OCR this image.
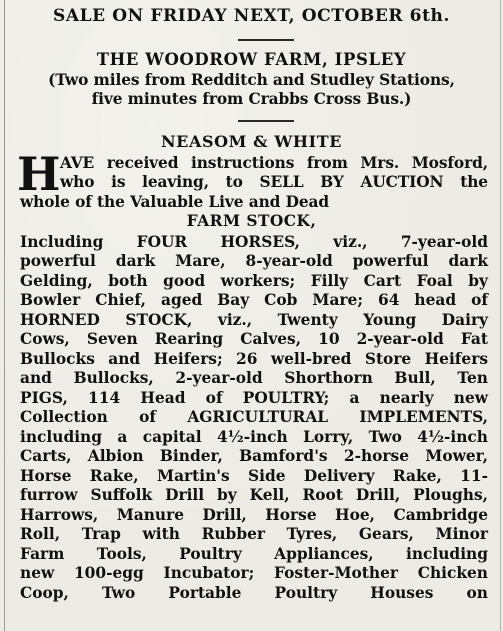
SALE ON FRIDAY NEXT, OCTOBER 6th.
THE WOODROW FARM, IPSLEY
(Two miles from Redditch and Studley Stations,
five minutes from Crabbs Cross Bus.)
NEASOM & WHITE
H AVE received instructions from Mrs. Mosford,
who is leaving, to SELL BY AUCTION the
whole of the Valuable Live and Dead
FARM STOCK,
Including FOUR HORSES, viz., 7-year-old
powerful dark Mare, 8-year-old powerful dark
Gelding, both good workers; Filly Cart Foal by
Bowler Chief, aged Bay Cob Mare; 64 head of
HORNED STOCK, viz., Twenty Young Dairy
Cows, Seven Rearing Calves, 10 2-year-old Fat
Bullocks and Heifers; 26 well-bred Store Heifers
and Bullocks, 2-year-old Shorthorn Bull, Ten
PIGS, 114 Head of POULTRY; a nearly new
Collection of AGRICULTURAL IMPLEMENTS,
including a capital 4½-inch Lorry, Two 4½-inch
Carts, Albion Binder, Bamford's 2-horse Mower,
Horse Rake, Martin's Side Delivery Rake, 11-
furrow Suffolk Drill by Kell, Root Drill, Ploughs,
Harrows, Manure Drill, Horse Hoe, Cambridge
Roll, Trap with Rubber Tyres, Gears, Minor
Farm Tools, Poultry Appliances, including
new 100-egg Incubator; Foster-Mother Chicken
Coop, Two Portable Poultry Houses on
